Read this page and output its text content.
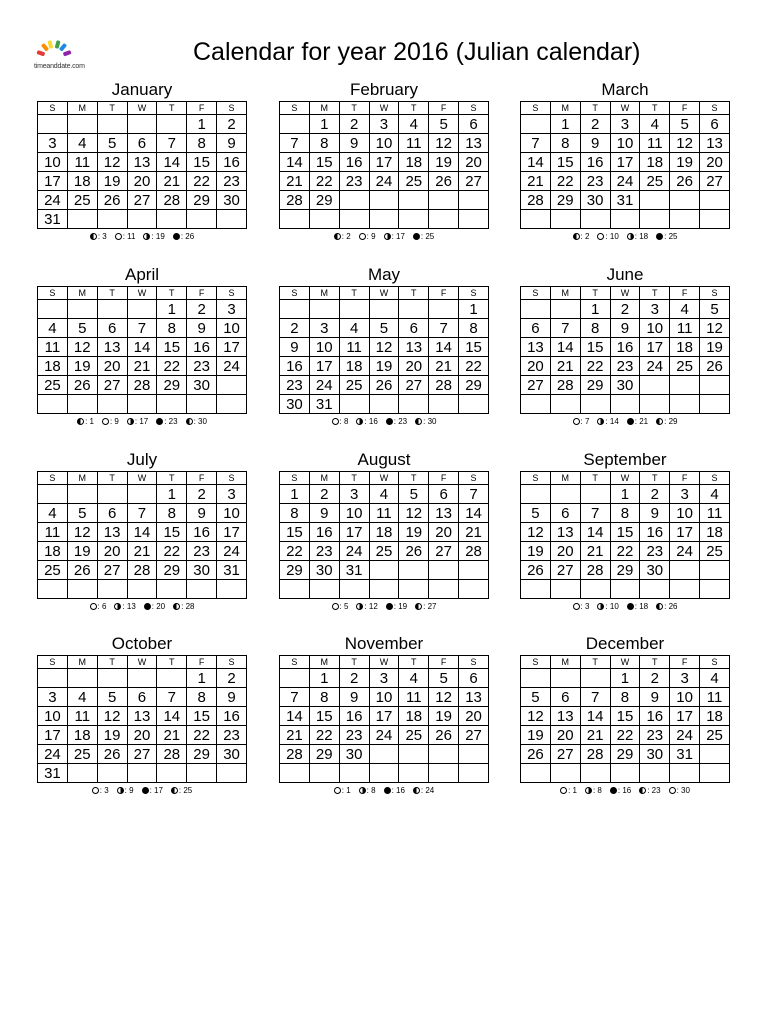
timeanddate.com
Calendar for year 2016 (Julian calendar)
January
S	M	T	W	T	F	S
					1	2
3	4	5	6	7	8	9
10	11	12	13	14	15	16
17	18	19	20	21	22	23
24	25	26	27	28	29	30
31						
: 3 : 11 : 19 : 26
February
S	M	T	W	T	F	S
	1	2	3	4	5	6
7	8	9	10	11	12	13
14	15	16	17	18	19	20
21	22	23	24	25	26	27
28	29					

: 2 : 9 : 17 : 25
March
S	M	T	W	T	F	S
	1	2	3	4	5	6
7	8	9	10	11	12	13
14	15	16	17	18	19	20
21	22	23	24	25	26	27
28	29	30	31			

: 2 : 10 : 18 : 25
April
S	M	T	W	T	F	S
				1	2	3
4	5	6	7	8	9	10
11	12	13	14	15	16	17
18	19	20	21	22	23	24
25	26	27	28	29	30	

: 1 : 9 : 17 : 23 : 30
May
S	M	T	W	T	F	S
						1
2	3	4	5	6	7	8
9	10	11	12	13	14	15
16	17	18	19	20	21	22
23	24	25	26	27	28	29
30	31					
: 8 : 16 : 23 : 30
June
S	M	T	W	T	F	S
		1	2	3	4	5
6	7	8	9	10	11	12
13	14	15	16	17	18	19
20	21	22	23	24	25	26
27	28	29	30			

: 7 : 14 : 21 : 29
July
S	M	T	W	T	F	S
				1	2	3
4	5	6	7	8	9	10
11	12	13	14	15	16	17
18	19	20	21	22	23	24
25	26	27	28	29	30	31

: 6 : 13 : 20 : 28
August
S	M	T	W	T	F	S
1	2	3	4	5	6	7
8	9	10	11	12	13	14
15	16	17	18	19	20	21
22	23	24	25	26	27	28
29	30	31				

: 5 : 12 : 19 : 27
September
S	M	T	W	T	F	S
			1	2	3	4
5	6	7	8	9	10	11
12	13	14	15	16	17	18
19	20	21	22	23	24	25
26	27	28	29	30		

: 3 : 10 : 18 : 26
October
S	M	T	W	T	F	S
					1	2
3	4	5	6	7	8	9
10	11	12	13	14	15	16
17	18	19	20	21	22	23
24	25	26	27	28	29	30
31						
: 3 : 9 : 17 : 25
November
S	M	T	W	T	F	S
	1	2	3	4	5	6
7	8	9	10	11	12	13
14	15	16	17	18	19	20
21	22	23	24	25	26	27
28	29	30				

: 1 : 8 : 16 : 24
December
S	M	T	W	T	F	S
			1	2	3	4
5	6	7	8	9	10	11
12	13	14	15	16	17	18
19	20	21	22	23	24	25
26	27	28	29	30	31	

: 1 : 8 : 16 : 23 : 30
